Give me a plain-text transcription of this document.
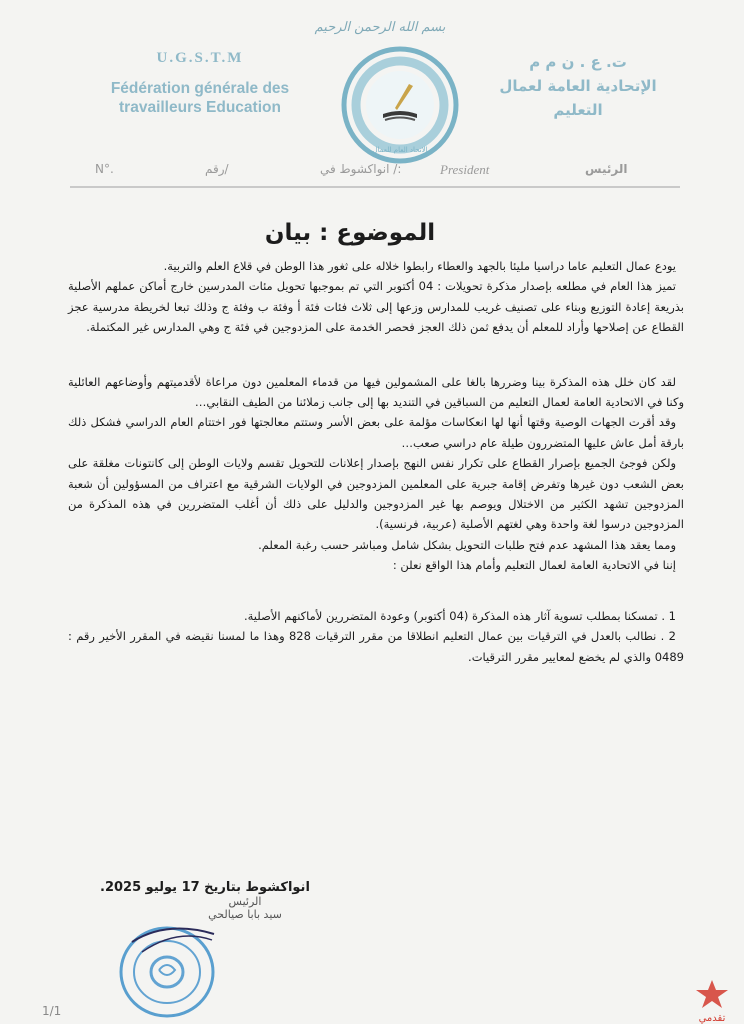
بسم الله الرحمن الرحيم
U.G.S.T.M
Fédération générale des travailleurs Education
الاتحاد العام للعمال
ت. ع . ن م م
الإتحادية العامة لعمال التعليم
N°.	رقم/	انواكشوط في /:	President	الرئيس
الموضوع : بيان

يودع عمال التعليم عاما دراسيا مليئا بالجهد والعطاء رابطوا خلاله على ثغور هذا الوطن في قلاع العلم والتربية.

تميز هذا العام في مطلعه بإصدار مذكرة تحويلات : 04 أكتوبر التي تم بموجبها تحويل مئات المدرسين خارج أماكن عملهم الأصلية بذريعة إعادة التوزيع وبناء على تصنيف غريب للمدارس وزعها إلى ثلاث فئات فئة أ وفئة ب وفئة ج وذلك تبعا لخريطة مدرسية عجز القطاع عن إصلاحها وأراد للمعلم أن يدفع ثمن ذلك العجز فحصر الخدمة على المزدوجين في فئة ج وهي المدارس غير المكتملة.

لقد كان خلل هذه المذكرة بينا وضررها بالغا على المشمولين فيها من قدماء المعلمين دون مراعاة لأقدميتهم وأوضاعهم العائلية وكنا في الاتحادية العامة لعمال التعليم من السباقين في التنديد بها إلى جانب زملائنا من الطيف النقابي…

وقد أقرت الجهات الوصية وقتها أنها لها انعكاسات مؤلمة على بعض الأسر وستتم معالجتها فور اختتام العام الدراسي فشكل ذلك بارقة أمل عاش عليها المتضررون طيلة عام دراسي صعب…

ولكن فوجئ الجميع بإصرار القطاع على تكرار نفس النهج بإصدار إعلانات للتحويل تقسم ولايات الوطن إلى كانتونات مغلقة على بعض الشعب دون غيرها وتفرض إقامة جبرية على المعلمين المزدوجين في الولايات الشرقية مع اعتراف من المسؤولين أن شعبة المزدوجين تشهد الكثير من الاختلال ويوصم بها غير المزدوجين والدليل على ذلك أن أغلب المتضررين في هذه المذكرة من المزدوجين درسوا لغة واحدة وهي لغتهم الأصلية (عربية، فرنسية).

ومما يعقد هذا المشهد عدم فتح طلبات التحويل بشكل شامل ومباشر حسب رغبة المعلم.

إننا في الاتحادية العامة لعمال التعليم وأمام هذا الواقع نعلن :

1 . تمسكنا بمطلب تسوية آثار هذه المذكرة (04 أكتوبر) وعودة المتضررين لأماكنهم الأصلية.

2 . نطالب بالعدل في الترقيات بين عمال التعليم انطلاقا من مقرر الترقيات 828 وهذا ما لمسنا نقيضه في المقرر الأخير رقم : 0489 والذي لم يخضع لمعايير مقرر الترقيات.

انواكشوط بتاريخ 17 يوليو 2025.
الرئيس
سيد بابا صيالحي
1/1
تقدمي
